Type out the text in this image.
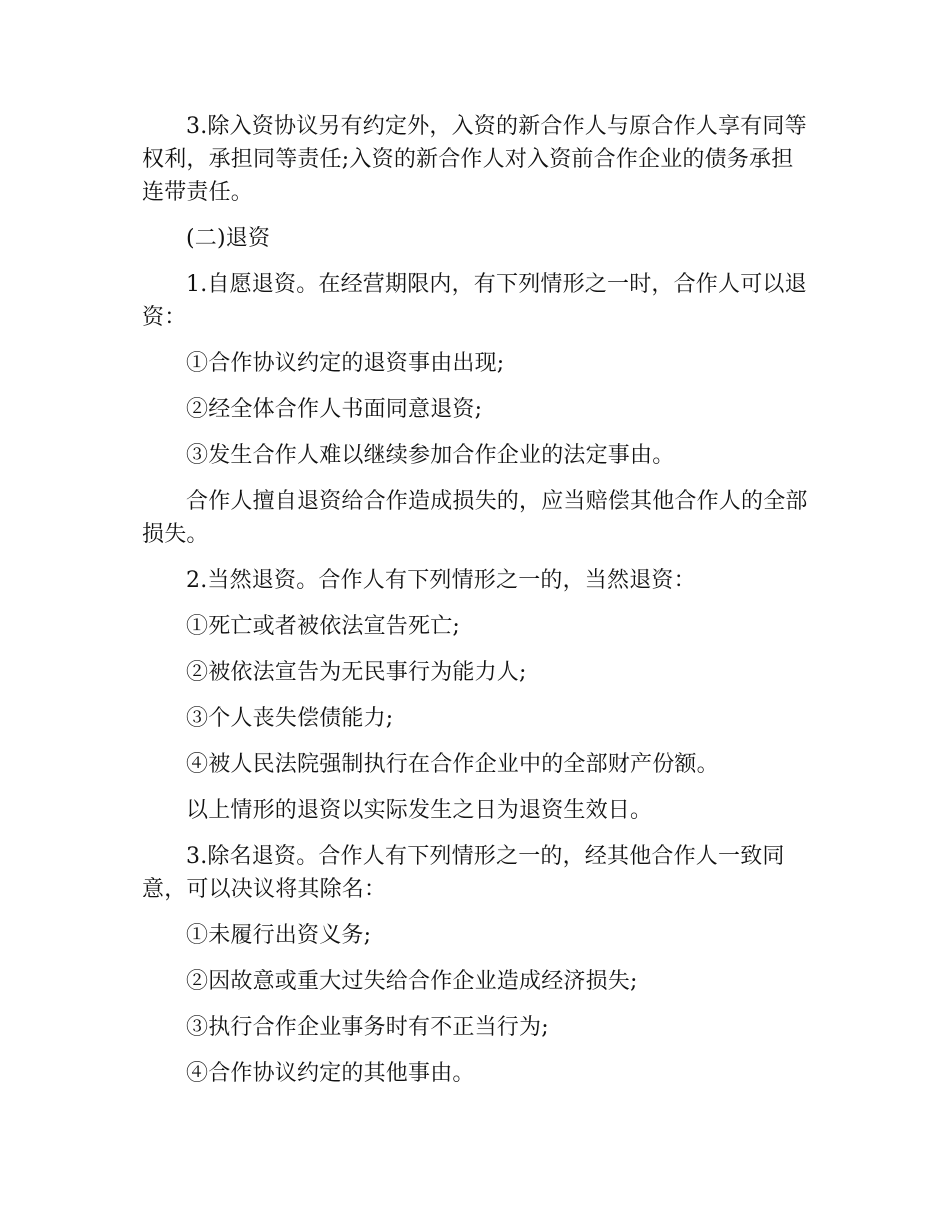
3.除入资协议另有约定外，入资的新合作人与原合作人享有同等权利，承担同等责任;入资的新合作人对入资前合作企业的债务承担连带责任。

(二)退资

1.自愿退资。在经营期限内，有下列情形之一时，合作人可以退资：

①合作协议约定的退资事由出现;

②经全体合作人书面同意退资;

③发生合作人难以继续参加合作企业的法定事由。

合作人擅自退资给合作造成损失的，应当赔偿其他合作人的全部损失。

2.当然退资。合作人有下列情形之一的，当然退资：

①死亡或者被依法宣告死亡;

②被依法宣告为无民事行为能力人;

③个人丧失偿债能力;

④被人民法院强制执行在合作企业中的全部财产份额。

以上情形的退资以实际发生之日为退资生效日。

3.除名退资。合作人有下列情形之一的，经其他合作人一致同意，可以决议将其除名：

①未履行出资义务;

②因故意或重大过失给合作企业造成经济损失;

③执行合作企业事务时有不正当行为;

④合作协议约定的其他事由。
